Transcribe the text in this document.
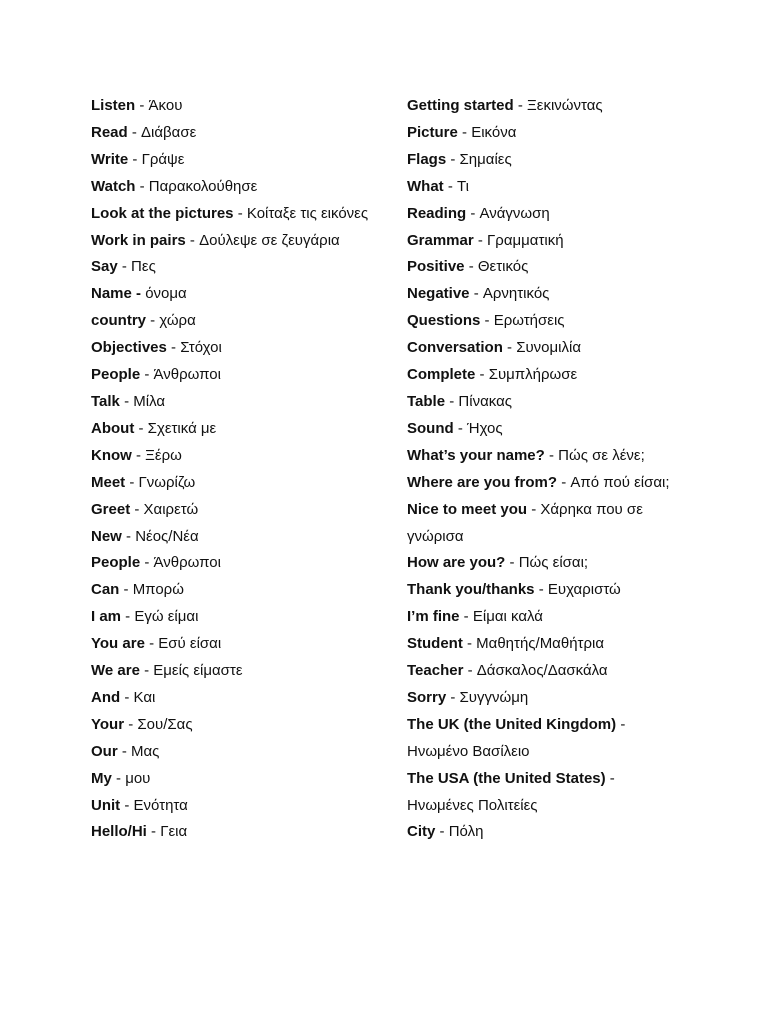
Listen - Άκου
Read - Διάβασε
Write - Γράψε
Watch - Παρακολούθησε
Look at the pictures - Κοίταξε τις εικόνες
Work in pairs - Δούλεψε σε ζευγάρια
Say - Πες
Name - όνομα
country - χώρα
Objectives - Στόχοι
People - Άνθρωποι
Talk - Μίλα
About - Σχετικά με
Know - Ξέρω
Meet - Γνωρίζω
Greet - Χαιρετώ
New - Νέος/Νέα
People - Άνθρωποι
Can - Μπορώ
I am - Εγώ είμαι
You are - Εσύ είσαι
We are - Εμείς είμαστε
And - Και
Your - Σου/Σας
Our - Μας
My - μου
Unit - Ενότητα
Hello/Hi - Γεια
Getting started - Ξεκινώντας
Picture - Εικόνα
Flags - Σημαίες
What - Τι
Reading - Ανάγνωση
Grammar - Γραμματική
Positive - Θετικός
Negative - Αρνητικός
Questions - Ερωτήσεις
Conversation - Συνομιλία
Complete - Συμπλήρωσε
Table - Πίνακας
Sound - Ήχος
What’s your name? - Πώς σε λένε;
Where are you from? - Από πού είσαι;
Nice to meet you - Χάρηκα που σε γνώρισα
How are you? - Πώς είσαι;
Thank you/thanks - Ευχαριστώ
I’m fine - Είμαι καλά
Student - Μαθητής/Μαθήτρια
Teacher - Δάσκαλος/Δασκάλα
Sorry - Συγγνώμη
The UK (the United Kingdom) - Ηνωμένο Βασίλειο
The USA (the United States) - Ηνωμένες Πολιτείες
City - Πόλη
